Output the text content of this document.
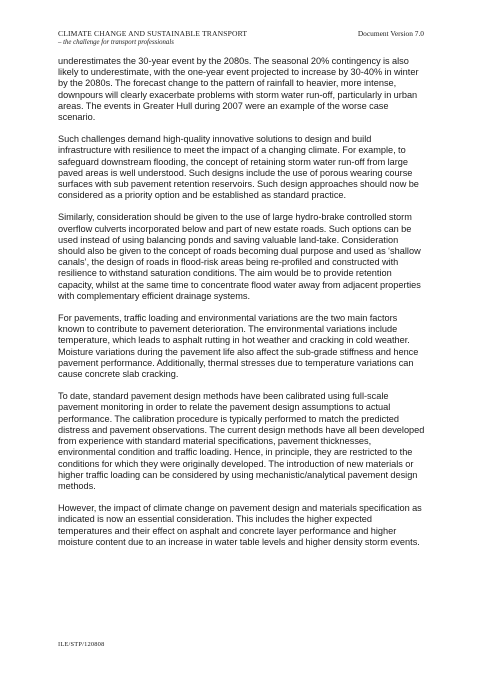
CLIMATE CHANGE AND SUSTAINABLE TRANSPORT
– the challenge for transport professionals
Document Version 7.0

underestimates the 30-year event by the 2080s. The seasonal 20% contingency is also likely to underestimate, with the one-year event projected to increase by 30-40% in winter by the 2080s. The forecast change to the pattern of rainfall to heavier, more intense, downpours will clearly exacerbate problems with storm water run-off, particularly in urban areas. The events in Greater Hull during 2007 were an example of the worse case scenario.

Such challenges demand high-quality innovative solutions to design and build infrastructure with resilience to meet the impact of a changing climate. For example, to safeguard downstream flooding, the concept of retaining storm water run-off from large paved areas is well understood. Such designs include the use of porous wearing course surfaces with sub pavement retention reservoirs. Such design approaches should now be considered as a priority option and be established as standard practice.

Similarly, consideration should be given to the use of large hydro-brake controlled storm overflow culverts incorporated below and part of new estate roads. Such options can be used instead of using balancing ponds and saving valuable land-take. Consideration should also be given to the concept of roads becoming dual purpose and used as ‘shallow canals’, the design of roads in flood-risk areas being re-profiled and constructed with resilience to withstand saturation conditions. The aim would be to provide retention capacity, whilst at the same time to concentrate flood water away from adjacent properties with complementary efficient drainage systems.

For pavements, traffic loading and environmental variations are the two main factors known to contribute to pavement deterioration. The environmental variations include temperature, which leads to asphalt rutting in hot weather and cracking in cold weather. Moisture variations during the pavement life also affect the sub-grade stiffness and hence pavement performance. Additionally, thermal stresses due to temperature variations can cause concrete slab cracking.

To date, standard pavement design methods have been calibrated using full-scale pavement monitoring in order to relate the pavement design assumptions to actual performance. The calibration procedure is typically performed to match the predicted distress and pavement observations. The current design methods have all been developed from experience with standard material specifications, pavement thicknesses, environmental condition and traffic loading. Hence, in principle, they are restricted to the conditions for which they were originally developed. The introduction of new materials or higher traffic loading can be considered by using mechanistic/analytical pavement design methods.

However, the impact of climate change on pavement design and materials specification as indicated is now an essential consideration. This includes the higher expected temperatures and their effect on asphalt and concrete layer performance and higher moisture content due to an increase in water table levels and higher density storm events.

ILE/STP/120808
